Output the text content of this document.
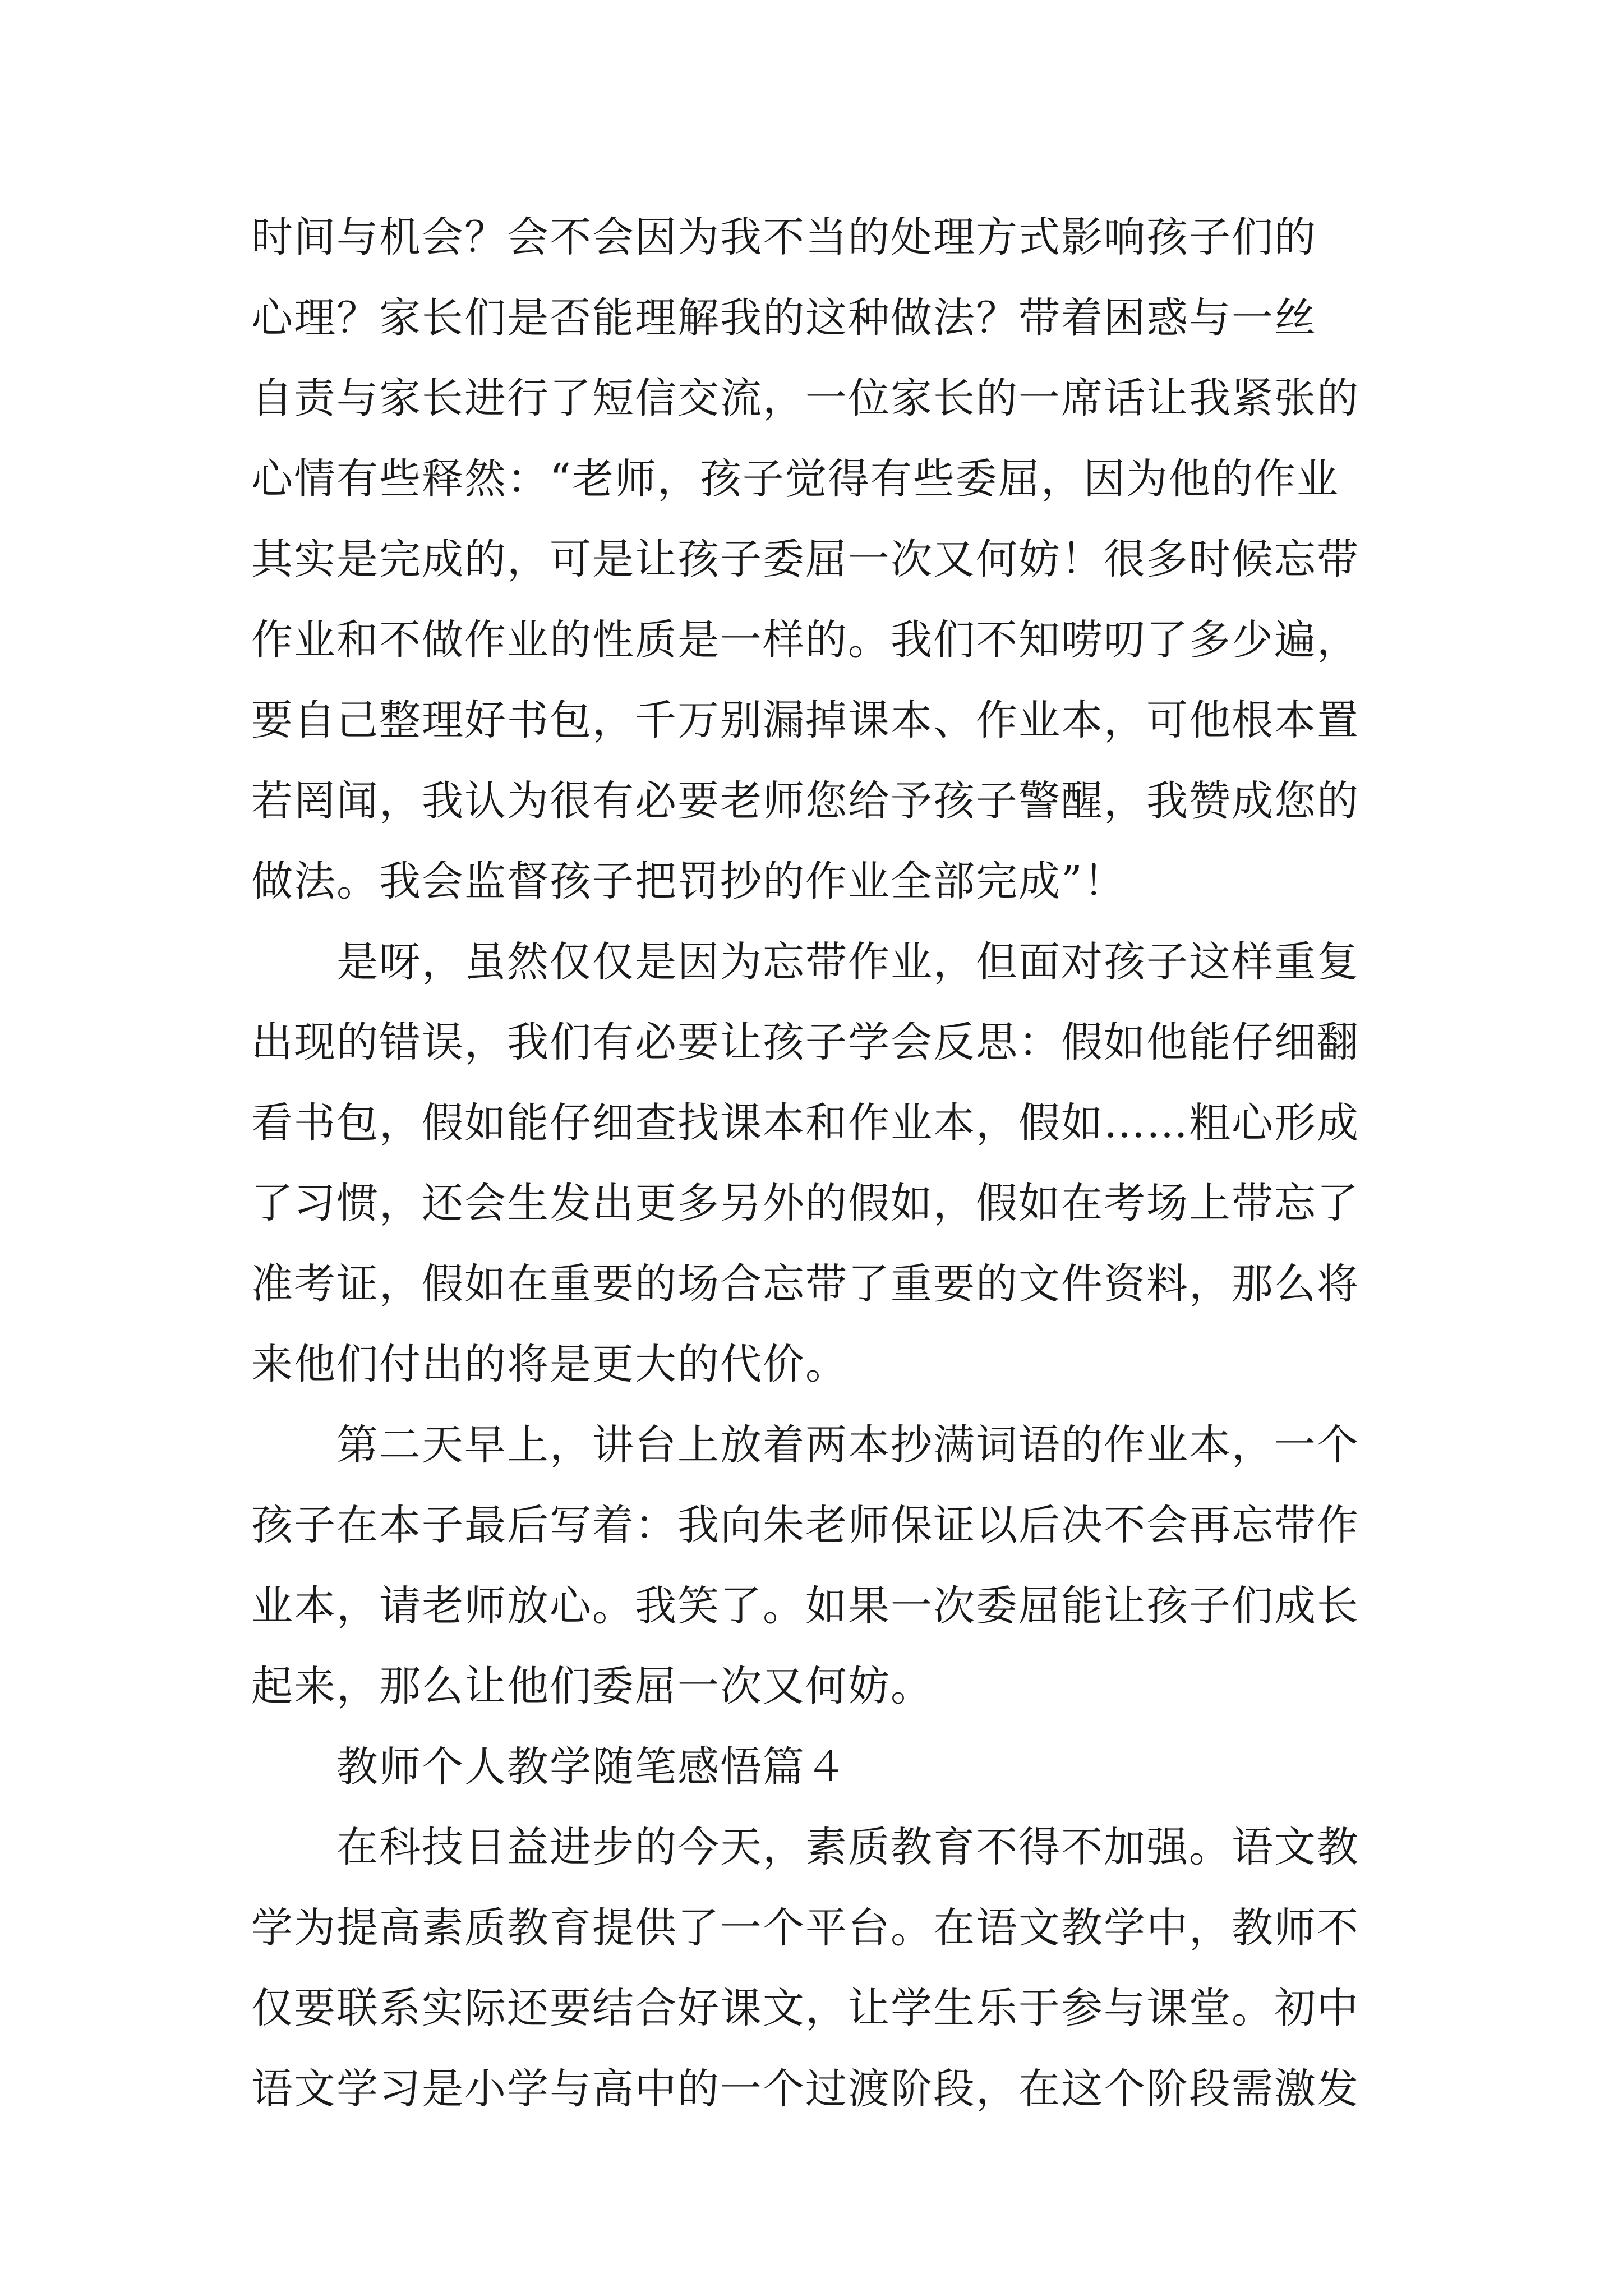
时间与机会？会不会因为我不当的处理方式影响孩子们的
心理？家长们是否能理解我的这种做法？带着困惑与一丝
自责与家长进行了短信交流，一位家长的一席话让我紧张的
心情有些释然：“老师，孩子觉得有些委屈，因为他的作业
其实是完成的，可是让孩子委屈一次又何妨！很多时候忘带
作业和不做作业的性质是一样的。我们不知唠叨了多少遍，
要自己整理好书包，千万别漏掉课本、作业本，可他根本置
若罔闻，我认为很有必要老师您给予孩子警醒，我赞成您的
做法。我会监督孩子把罚抄的作业全部完成”！
是呀，虽然仅仅是因为忘带作业，但面对孩子这样重复
出现的错误，我们有必要让孩子学会反思：假如他能仔细翻
看书包，假如能仔细查找课本和作业本，假如……粗心形成
了习惯，还会生发出更多另外的假如，假如在考场上带忘了
准考证，假如在重要的场合忘带了重要的文件资料，那么将
来他们付出的将是更大的代价。
第二天早上，讲台上放着两本抄满词语的作业本，一个
孩子在本子最后写着：我向朱老师保证以后决不会再忘带作
业本，请老师放心。我笑了。如果一次委屈能让孩子们成长
起来，那么让他们委屈一次又何妨。
教师个人教学随笔感悟篇４
在科技日益进步的今天，素质教育不得不加强。语文教
学为提高素质教育提供了一个平台。在语文教学中，教师不
仅要联系实际还要结合好课文，让学生乐于参与课堂。初中
语文学习是小学与高中的一个过渡阶段，在这个阶段需激发
